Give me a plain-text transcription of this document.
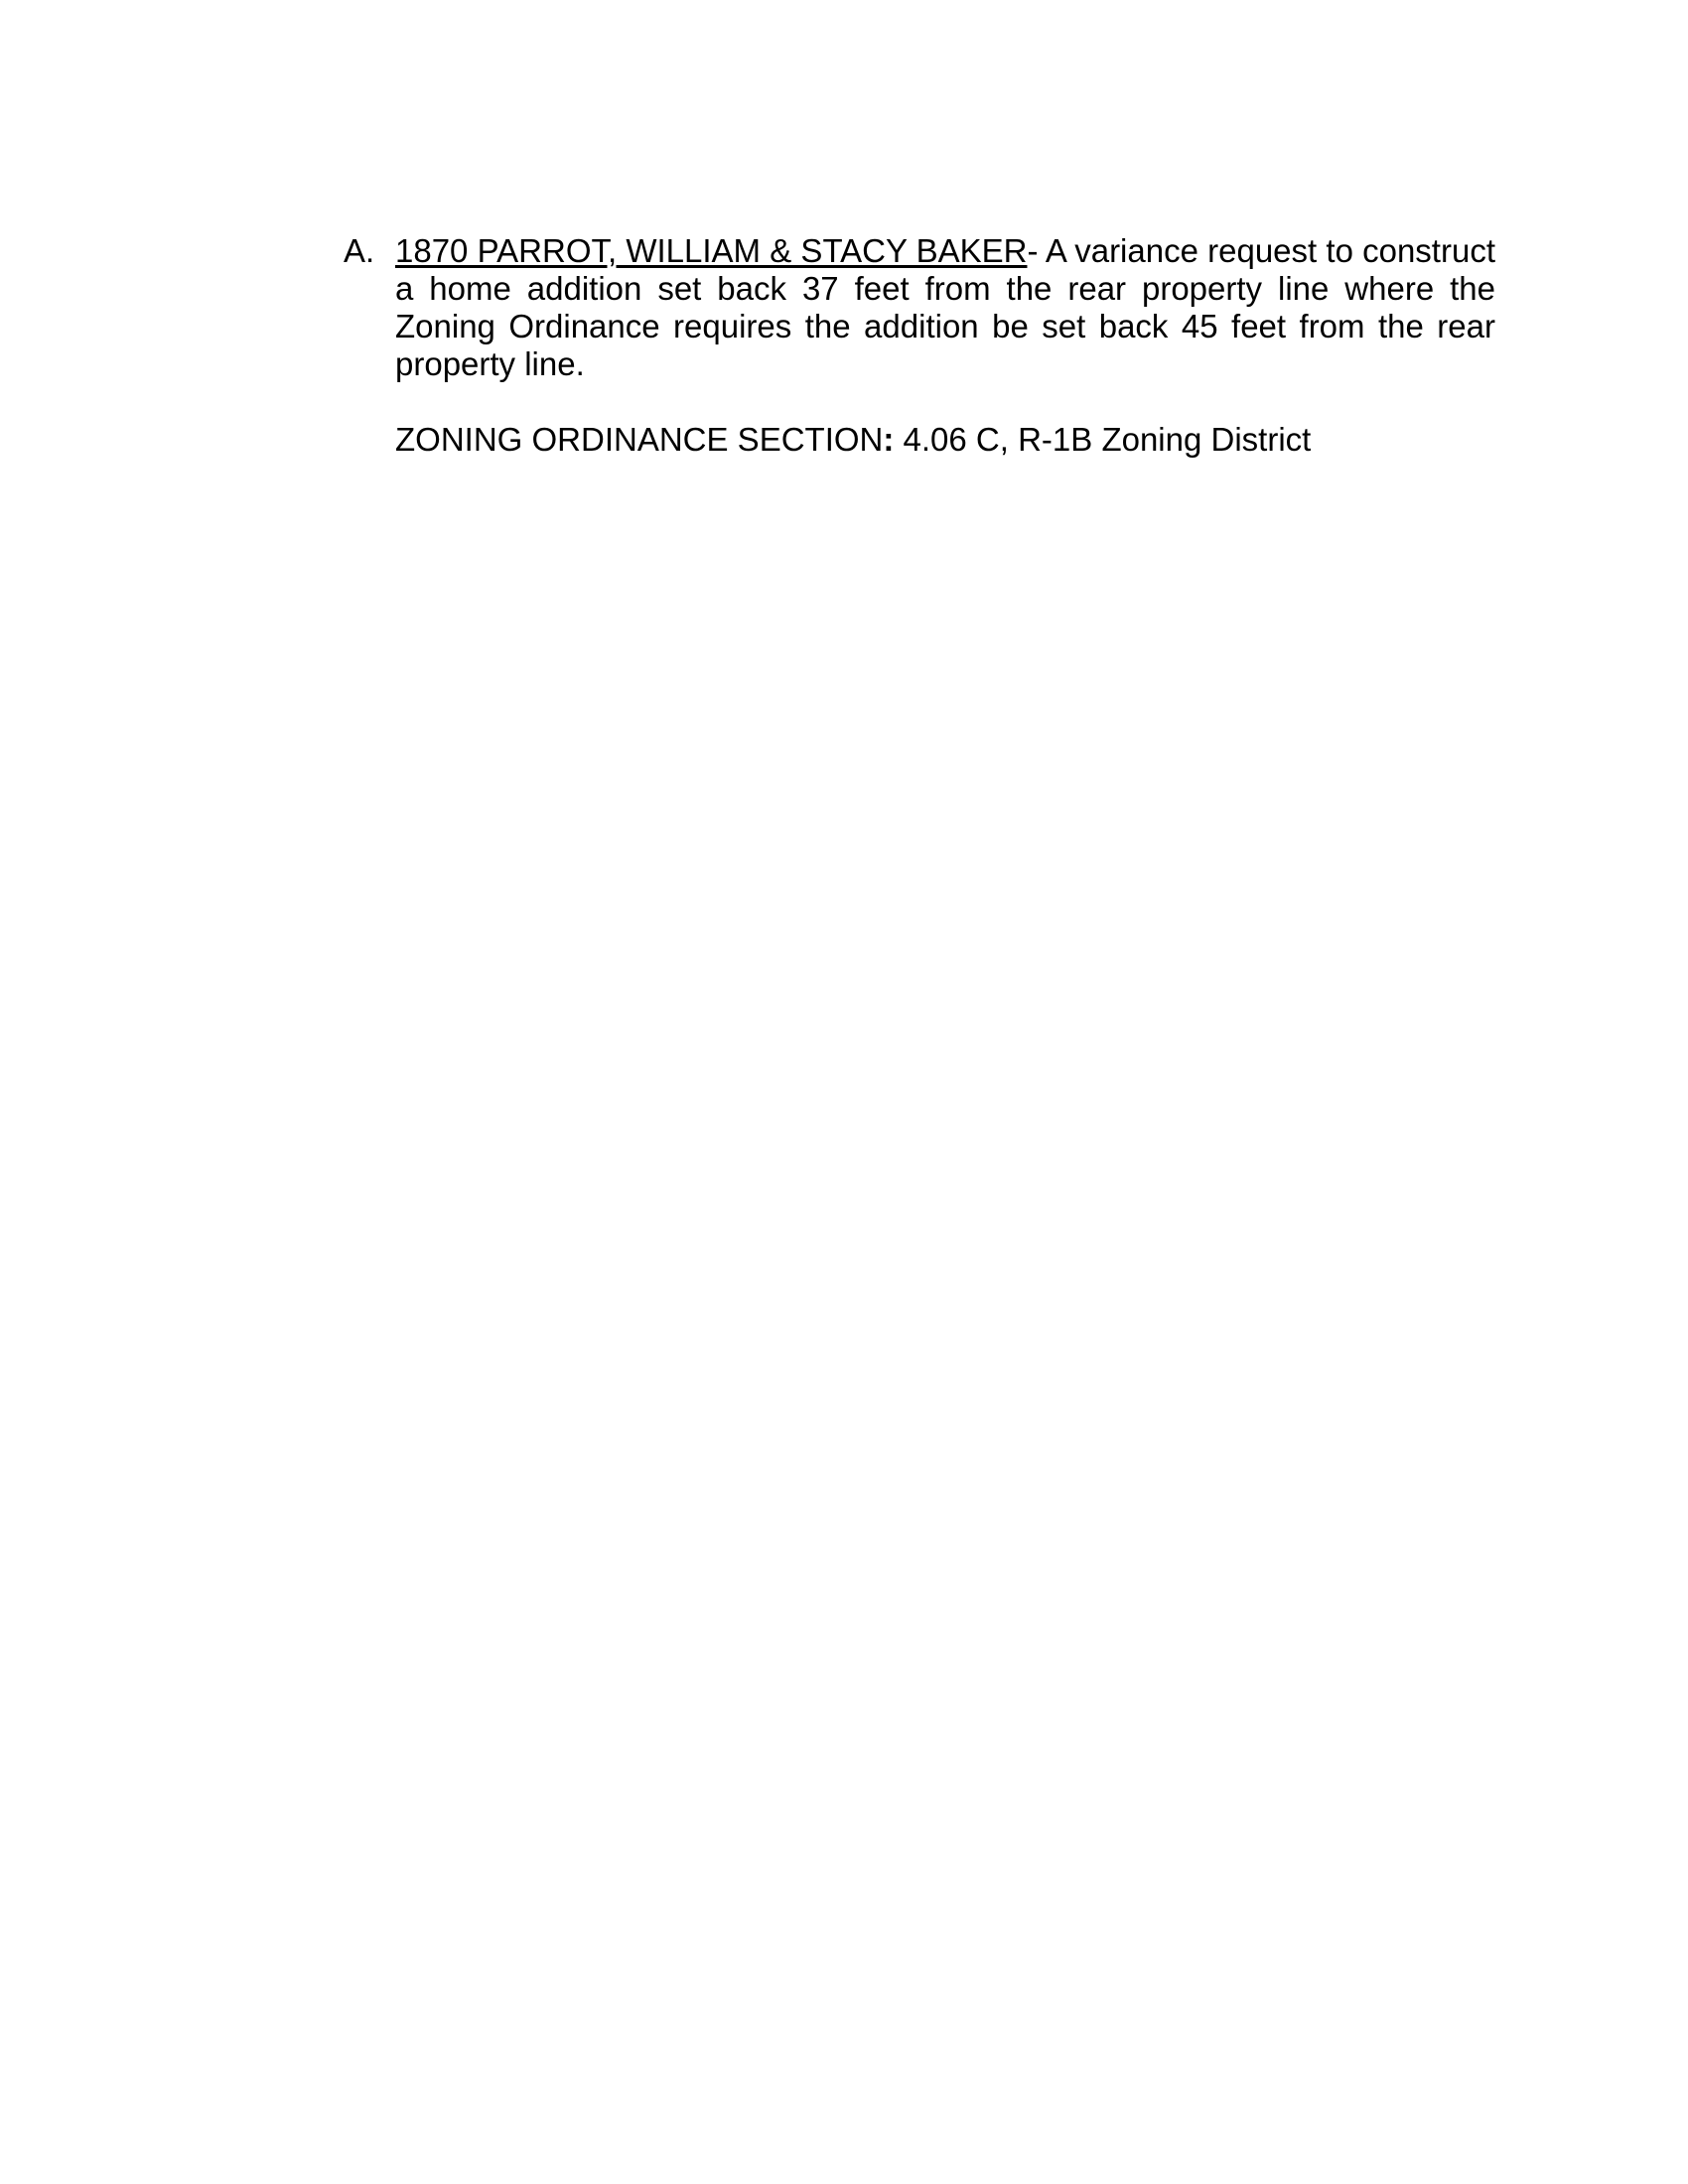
A. 1870 PARROT, WILLIAM & STACY BAKER- A variance request to construct a home addition set back 37 feet from the rear property line where the Zoning Ordinance requires the addition be set back 45 feet from the rear property line.
ZONING ORDINANCE SECTION: 4.06 C, R-1B Zoning District
